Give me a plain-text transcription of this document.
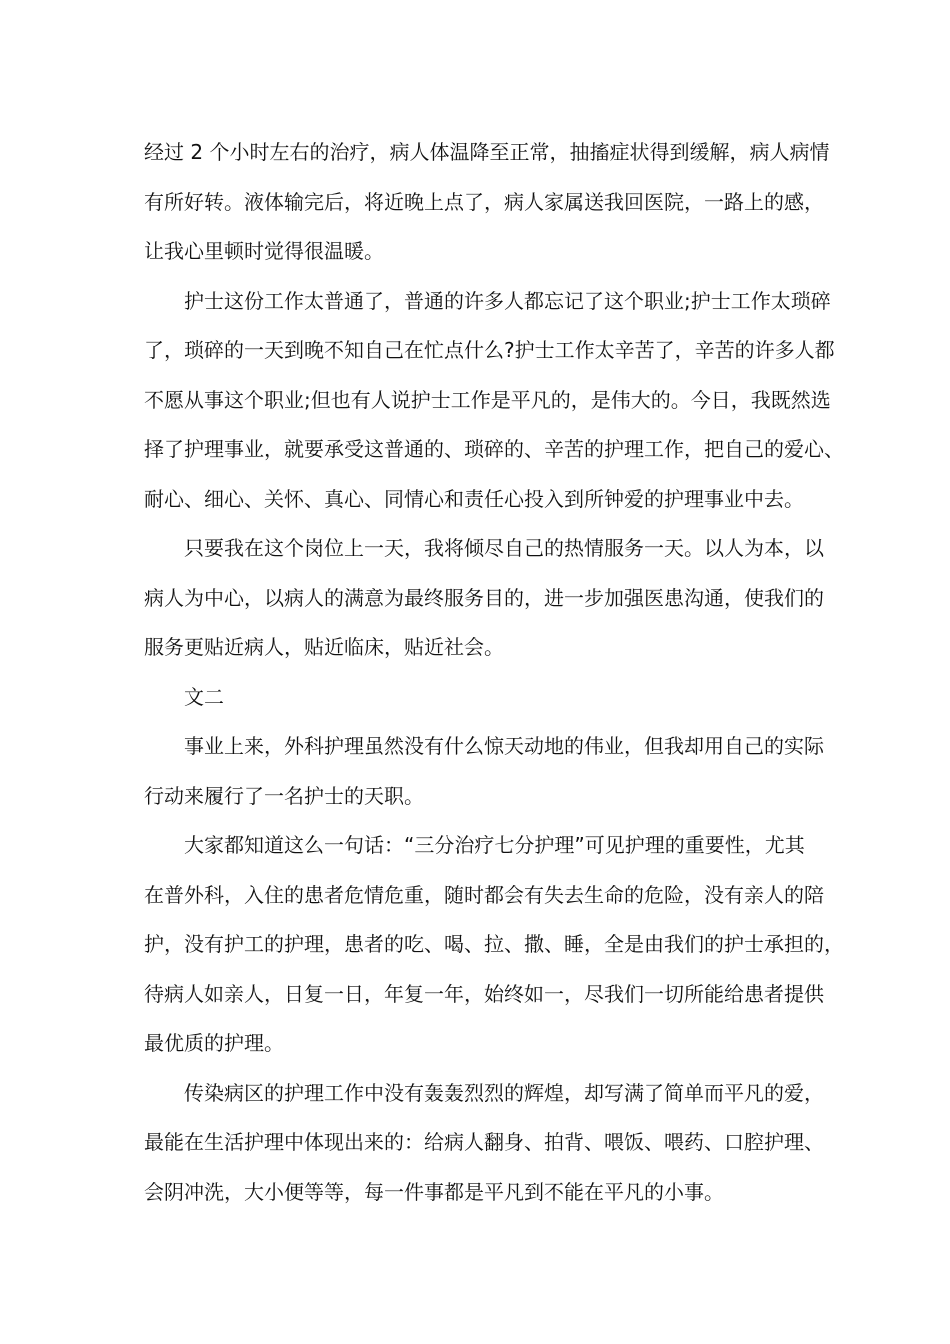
经过 2 个小时左右的治疗，病人体温降至正常，抽搐症状得到缓解，病人病情
有所好转。液体输完后，将近晚上点了，病人家属送我回医院，一路上的感，
让我心里顿时觉得很温暖。
护士这份工作太普通了，普通的许多人都忘记了这个职业;护士工作太琐碎
了，琐碎的一天到晚不知自己在忙点什么?护士工作太辛苦了，辛苦的许多人都
不愿从事这个职业;但也有人说护士工作是平凡的，是伟大的。今日，我既然选
择了护理事业，就要承受这普通的、琐碎的、辛苦的护理工作，把自己的爱心、
耐心、细心、关怀、真心、同情心和责任心投入到所钟爱的护理事业中去。
只要我在这个岗位上一天，我将倾尽自己的热情服务一天。以人为本，以
病人为中心，以病人的满意为最终服务目的，进一步加强医患沟通，使我们的
服务更贴近病人，贴近临床，贴近社会。
文二
事业上来，外科护理虽然没有什么惊天动地的伟业，但我却用自己的实际
行动来履行了一名护士的天职。
大家都知道这么一句话：“三分治疗七分护理”可见护理的重要性，尤其
在普外科，入住的患者危情危重，随时都会有失去生命的危险，没有亲人的陪
护，没有护工的护理，患者的吃、喝、拉、撒、睡，全是由我们的护士承担的，
待病人如亲人，日复一日，年复一年，始终如一，尽我们一切所能给患者提供
最优质的护理。
传染病区的护理工作中没有轰轰烈烈的辉煌，却写满了简单而平凡的爱，
最能在生活护理中体现出来的：给病人翻身、拍背、喂饭、喂药、口腔护理、
会阴冲洗，大小便等等，每一件事都是平凡到不能在平凡的小事。
